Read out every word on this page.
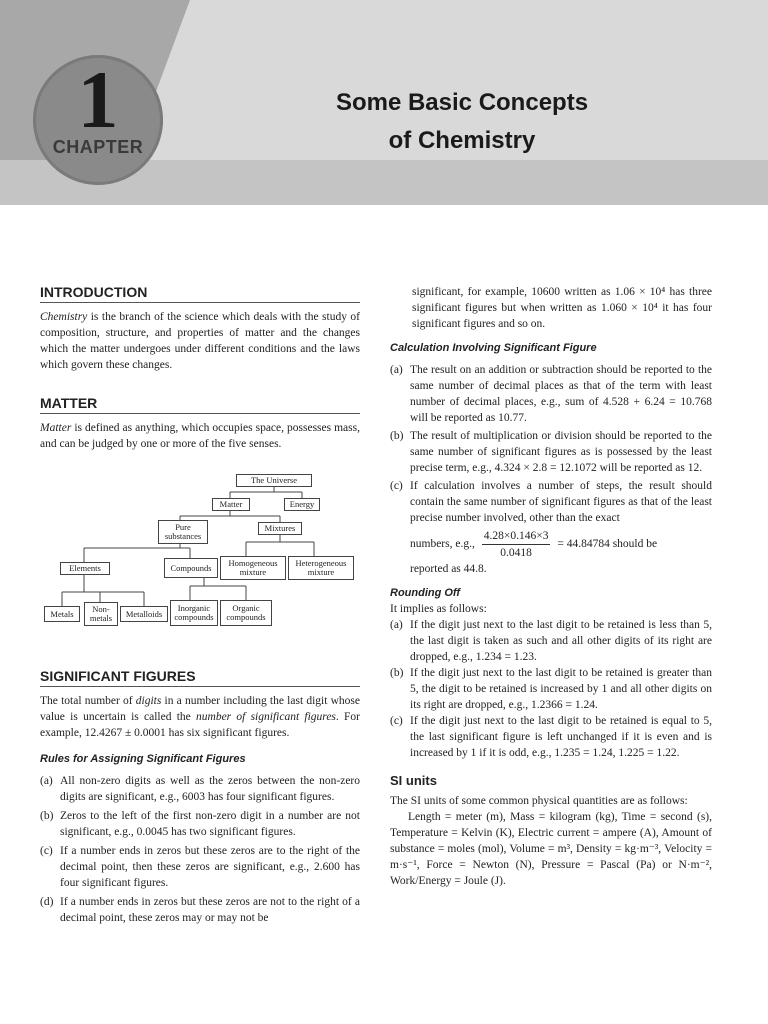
1
CHAPTER
Some Basic Concepts
of Chemistry
INTRODUCTION

Chemistry is the branch of the science which deals with the study of composition, structure, and properties of matter and the changes which the matter undergoes under different conditions and the laws which govern these changes.

MATTER

Matter is defined as anything, which occupies space, possesses mass, and can be judged by one or more of the five senses.

The Universe
Matter	Energy
Pure substances
Mixtures
Elements	Compounds	Homogeneous mixture
Heterogeneous mixture
Metals	Non-metals	Metalloids
Inorganic compounds
Organic compounds
SIGNIFICANT FIGURES

The total number of digits in a number including the last digit whose value is uncertain is called the number of significant figures. For example, 12.4267 ± 0.0001 has six significant figures.

Rules for Assigning Significant Figures
(a) All non-zero digits as well as the zeros between the non-zero digits are significant, e.g., 6003 has four significant figures.
(b) Zeros to the left of the first non-zero digit in a number are not significant, e.g., 0.0045 has two significant figures.
(c) If a number ends in zeros but these zeros are to the right of the decimal point, then these zeros are significant, e.g., 2.600 has four significant figures.
(d) If a number ends in zeros but these zeros are not to the right of a decimal point, these zeros may or may not be

significant, for example, 10600 written as 1.06 × 10⁴ has three significant figures but when written as 1.060 × 10⁴ it has four significant figures and so on.

Calculation Involving Significant Figure
(a) The result on an addition or subtraction should be reported to the same number of decimal places as that of the term with least number of decimal places, e.g., sum of 4.528 + 6.24 = 10.768 will be reported as 10.77.
(b) The result of multiplication or division should be reported to the same number of significant figures as is possessed by the least precise term, e.g., 4.324 × 2.8 = 12.1072 will be reported as 12.
(c) If calculation involves a number of steps, the result should contain the same number of significant figures as that of the least precise number involved, other than the exact
numbers, e.g., $\frac{4.28\times 0.146\times 3}{0.0418} = 44.84784$ should be
reported as 44.8.
Rounding Off

It implies as follows:

(a) If the digit just next to the last digit to be retained is less than 5, the last digit is taken as such and all other digits of its right are dropped, e.g., 1.234 = 1.23.
(b) If the digit just next to the last digit to be retained is greater than 5, the digit to be retained is increased by 1 and all other digits on its right are dropped, e.g., 1.2366 = 1.24.
(c) If the digit just next to the last digit to be retained is equal to 5, the last significant figure is left unchanged if it is even and is increased by 1 if it is odd, e.g., 1.235 = 1.24, 1.225 = 1.22.
SI units

The SI units of some common physical quantities are as follows:

Length = meter (m), Mass = kilogram (kg), Time = second (s), Temperature = Kelvin (K), Electric current = ampere (A), Amount of substance = moles (mol), Volume = m³, Density = kg·m⁻³, Velocity = m·s⁻¹, Force = Newton (N), Pressure = Pascal (Pa) or N·m⁻², Work/Energy = Joule (J).
